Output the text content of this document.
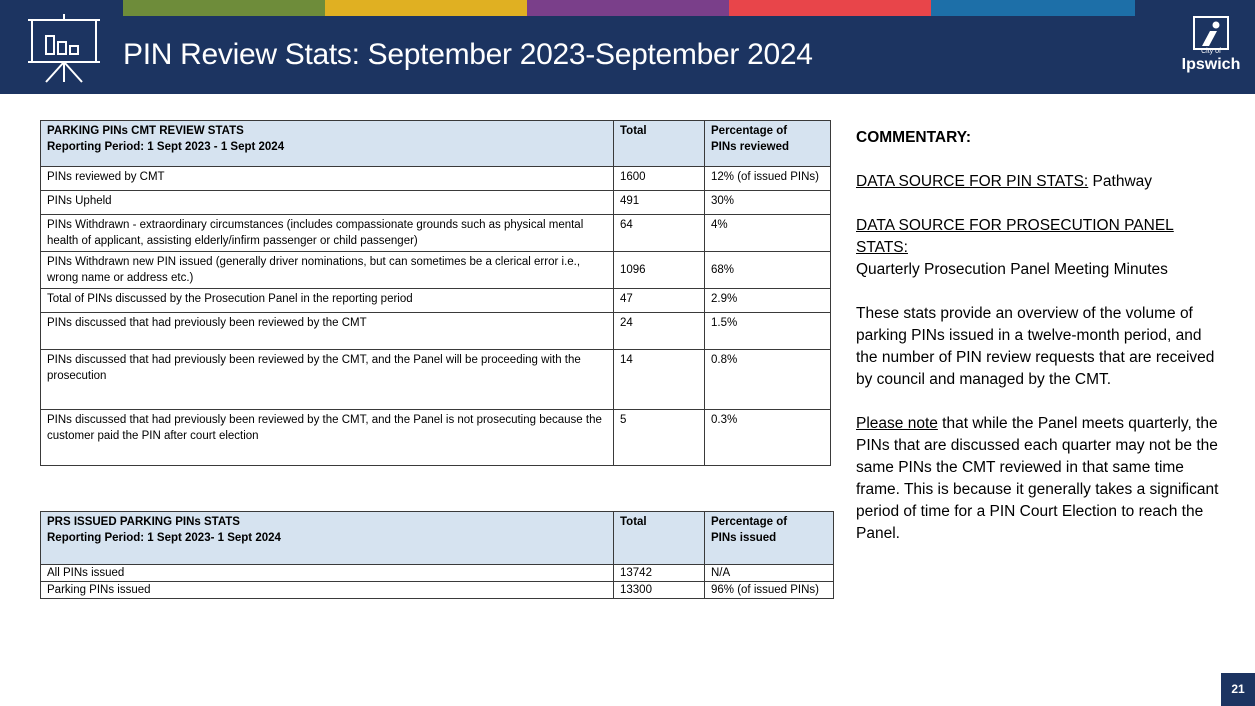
PIN Review Stats: September 2023-September 2024	City of
Ipswich
PARKING PINs CMT REVIEW STATS
Reporting Period: 1 Sept 2023 - 1 Sept 2024	Total	Percentage of
PINs reviewed
PINs reviewed by CMT	1600	12% (of issued PINs)
PINs Upheld	491	30%
PINs Withdrawn - extraordinary circumstances (includes compassionate grounds such as physical mental health of applicant, assisting elderly/infirm passenger or child passenger)	64	4%
PINs Withdrawn new PIN issued (generally driver nominations, but can sometimes be a clerical error i.e., wrong name or address etc.)	1096	68%
Total of PINs discussed by the Prosecution Panel in the reporting period	47	2.9%
PINs discussed that had previously been reviewed by the CMT	24	1.5%
PINs discussed that had previously been reviewed by the CMT, and the Panel will be proceeding with the prosecution	14	0.8%
PINs discussed that had previously been reviewed by the CMT, and the Panel is not prosecuting because the customer paid the PIN after court election	5	0.3%
PRS ISSUED PARKING PINs STATS
Reporting Period: 1 Sept 2023- 1 Sept 2024	Total	Percentage of
PINs issued
All PINs issued	13742	N/A
Parking PINs issued	13300	96% (of issued PINs)

COMMENTARY:

DATA SOURCE FOR PIN STATS: Pathway

DATA SOURCE FOR PROSECUTION PANEL STATS:

Quarterly Prosecution Panel Meeting Minutes

These stats provide an overview of the volume of parking PINs issued in a twelve-month period, and the number of PIN review requests that are received by council and managed by the CMT.

Please note that while the Panel meets quarterly, the PINs that are discussed each quarter may not be the same PINs the CMT reviewed in that same time frame. This is because it generally takes a significant period of time for a PIN Court Election to reach the Panel.

21
